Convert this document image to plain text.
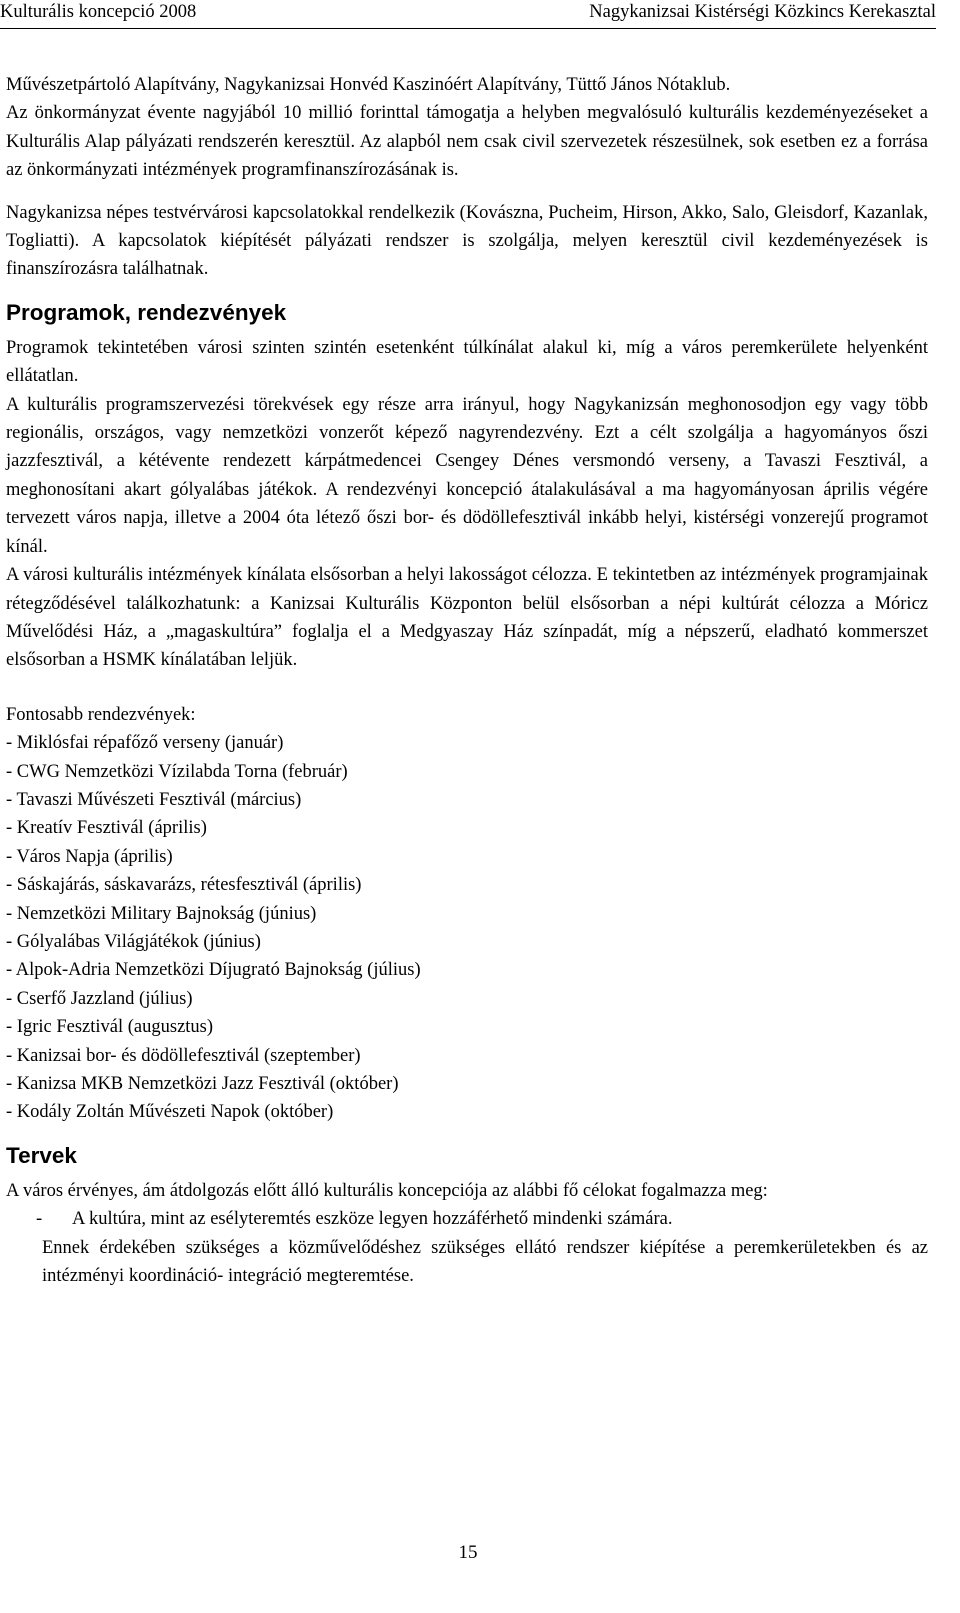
Kulturális koncepció 2008	Nagykanizsai Kistérségi Közkincs Kerekasztal

Művészetpártoló Alapítvány, Nagykanizsai Honvéd Kaszinóért Alapítvány, Tüttő János Nótaklub.

Az önkormányzat évente nagyjából 10 millió forinttal támogatja a helyben megvalósuló kulturális kezdeményezéseket a Kulturális Alap pályázati rendszerén keresztül. Az alapból nem csak civil szervezetek részesülnek, sok esetben ez a forrása az önkormányzati intézmények programfinanszírozásának is.

Nagykanizsa népes testvérvárosi kapcsolatokkal rendelkezik (Kovászna, Pucheim, Hirson, Akko, Salo, Gleisdorf, Kazanlak, Togliatti). A kapcsolatok kiépítését pályázati rendszer is szolgálja, melyen keresztül civil kezdeményezések is finanszírozásra találhatnak.

Programok, rendezvények

Programok tekintetében városi szinten szintén esetenként túlkínálat alakul ki, míg a város peremkerülete helyenként ellátatlan.

A kulturális programszervezési törekvések egy része arra irányul, hogy Nagykanizsán meghonosodjon egy vagy több regionális, országos, vagy nemzetközi vonzerőt képező nagyrendezvény. Ezt a célt szolgálja a hagyományos őszi jazzfesztivál, a kétévente rendezett kárpátmedencei Csengey Dénes versmondó verseny, a Tavaszi Fesztivál, a meghonosítani akart gólyalábas játékok. A rendezvényi koncepció átalakulásával a ma hagyományosan április végére tervezett város napja, illetve a 2004 óta létező őszi bor- és dödöllefesztivál inkább helyi, kistérségi vonzerejű programot kínál.

A városi kulturális intézmények kínálata elsősorban a helyi lakosságot célozza. E tekintetben az intézmények programjainak rétegződésével találkozhatunk: a Kanizsai Kulturális Központon belül elsősorban a népi kultúrát célozza a Móricz Művelődési Ház, a „magaskultúra” foglalja el a Medgyaszay Ház színpadát, míg a népszerű, eladható kommerszet elsősorban a HSMK kínálatában leljük.

Fontosabb rendezvények:

- Miklósfai répafőző verseny (január)
- CWG Nemzetközi Vízilabda Torna (február)
- Tavaszi Művészeti Fesztivál (március)
- Kreatív Fesztivál (április)
- Város Napja (április)
- Sáskajárás, sáskavarázs, rétesfesztivál (április)
- Nemzetközi Military Bajnokság (június)
- Gólyalábas Világjátékok (június)
- Alpok-Adria Nemzetközi Díjugrató Bajnokság (július)
- Cserfő Jazzland (július)
- Igric Fesztivál (augusztus)
- Kanizsai bor- és dödöllefesztivál (szeptember)
- Kanizsa MKB Nemzetközi Jazz Fesztivál (október)
- Kodály Zoltán Művészeti Napok (október)
Tervek

A város érvényes, ám átdolgozás előtt álló kulturális koncepciója az alábbi fő célokat fogalmazza meg:

-	A kultúra, mint az esélyteremtés eszköze legyen hozzáférhető mindenki számára.

Ennek érdekében szükséges a közművelődéshez szükséges ellátó rendszer kiépítése a peremkerületekben és az intézményi koordináció- integráció megteremtése.

15
